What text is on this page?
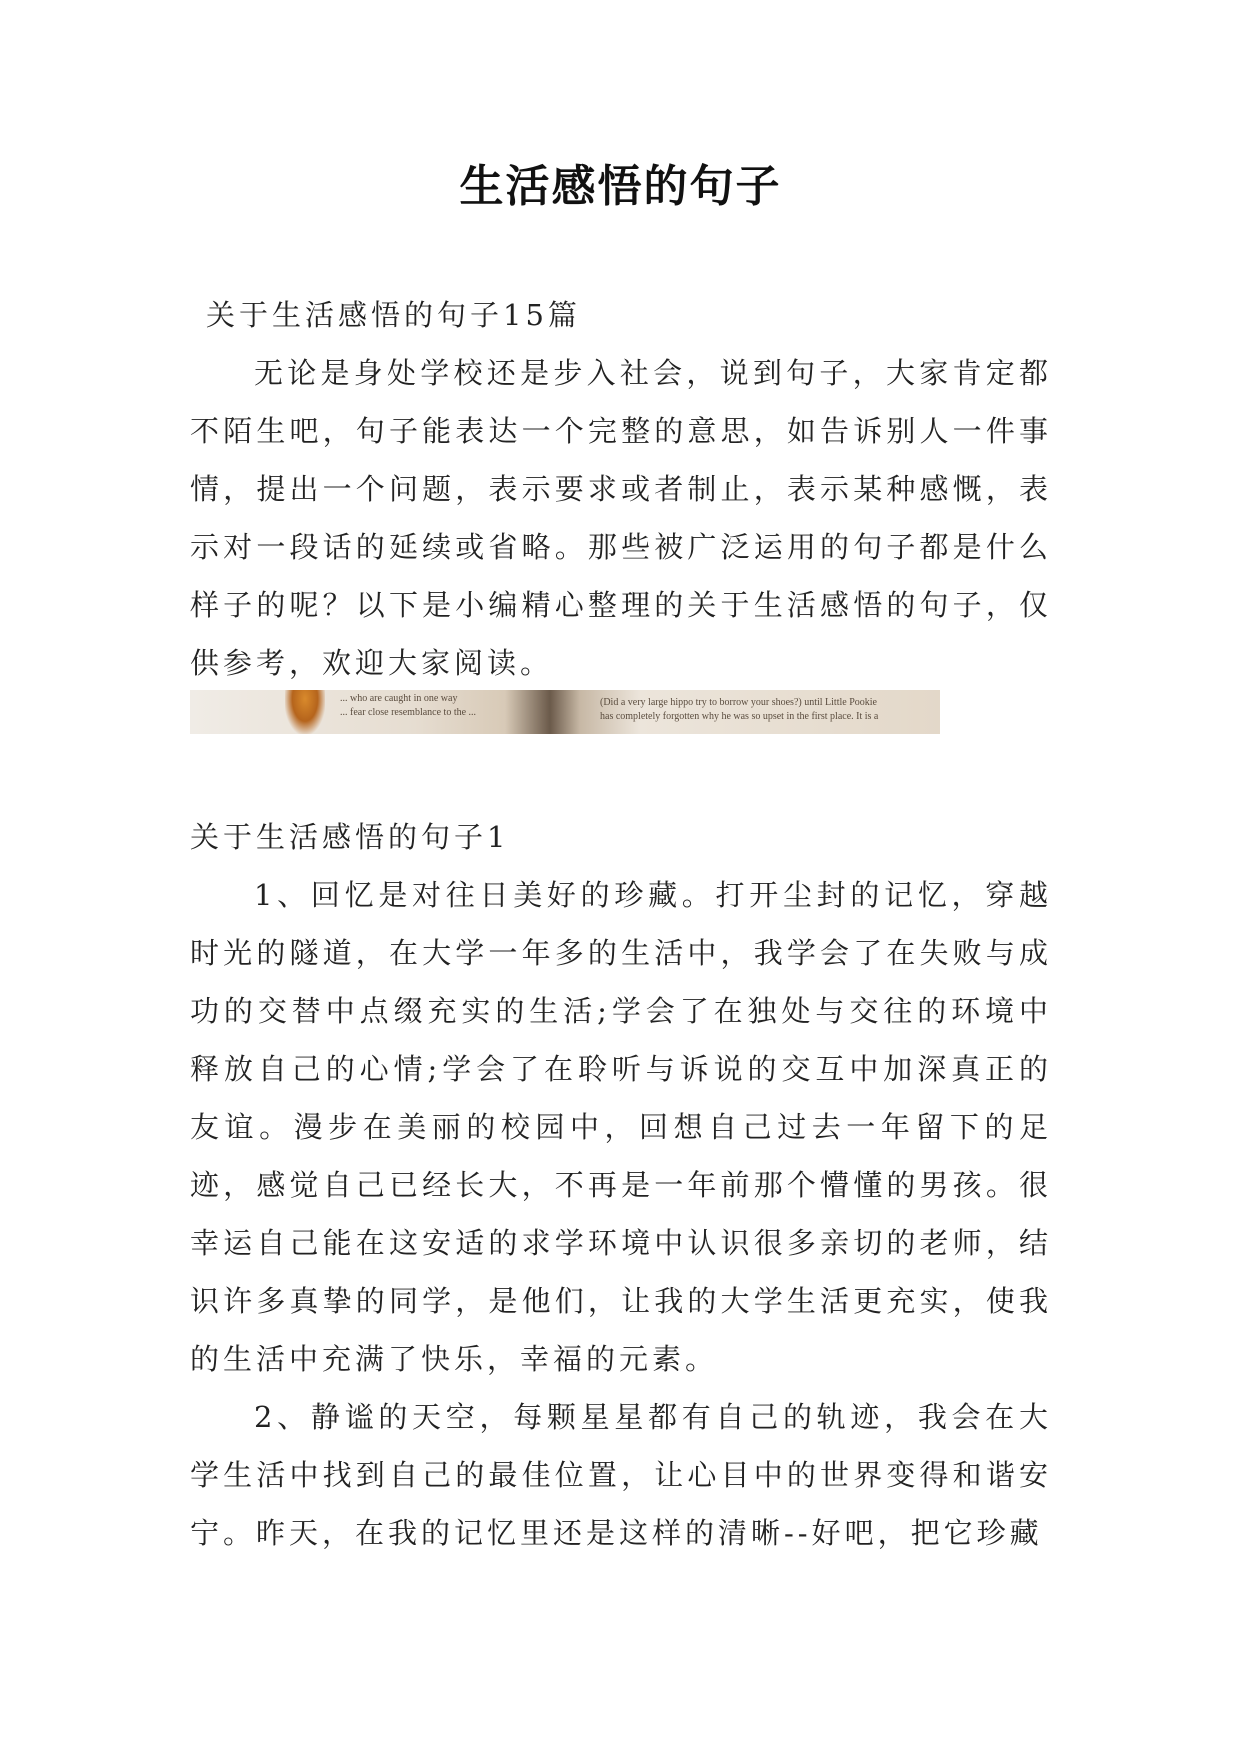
生活感悟的句子

关于生活感悟的句子15篇

无论是身处学校还是步入社会，说到句子，大家肯定都不陌生吧，句子能表达一个完整的意思，如告诉别人一件事情，提出一个问题，表示要求或者制止，表示某种感慨，表示对一段话的延续或省略。那些被广泛运用的句子都是什么样子的呢？以下是小编精心整理的关于生活感悟的句子，仅供参考，欢迎大家阅读。

... who are caught in one way
... fear close resemblance to the ...
(Did a very large hippo try to borrow your shoes?) until Little Pookie
has completely forgotten why he was so upset in the first place. It is a

关于生活感悟的句子1

1、回忆是对往日美好的珍藏。打开尘封的记忆，穿越时光的隧道，在大学一年多的生活中，我学会了在失败与成功的交替中点缀充实的生活;学会了在独处与交往的环境中释放自己的心情;学会了在聆听与诉说的交互中加深真正的友谊。漫步在美丽的校园中，回想自己过去一年留下的足迹，感觉自己已经长大，不再是一年前那个懵懂的男孩。很幸运自己能在这安适的求学环境中认识很多亲切的老师，结识许多真挚的同学，是他们，让我的大学生活更充实，使我的生活中充满了快乐，幸福的元素。

2、静谧的天空，每颗星星都有自己的轨迹，我会在大学生活中找到自己的最佳位置，让心目中的世界变得和谐安宁。昨天，在我的记忆里还是这样的清晰--好吧，把它珍藏
